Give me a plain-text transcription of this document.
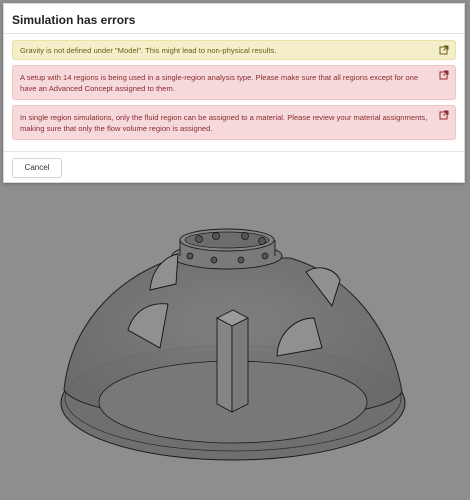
Simulation has errors
Gravity is not defined under "Model". This might lead to non-physical results.
A setup with 14 regions is being used in a single-region analysis type. Please make sure that all regions except for one have an Advanced Concept assigned to them.
In single region simulations, only the fluid region can be assigned to a material. Please review your material assignments, making sure that only the flow volume region is assigned.
Cancel
